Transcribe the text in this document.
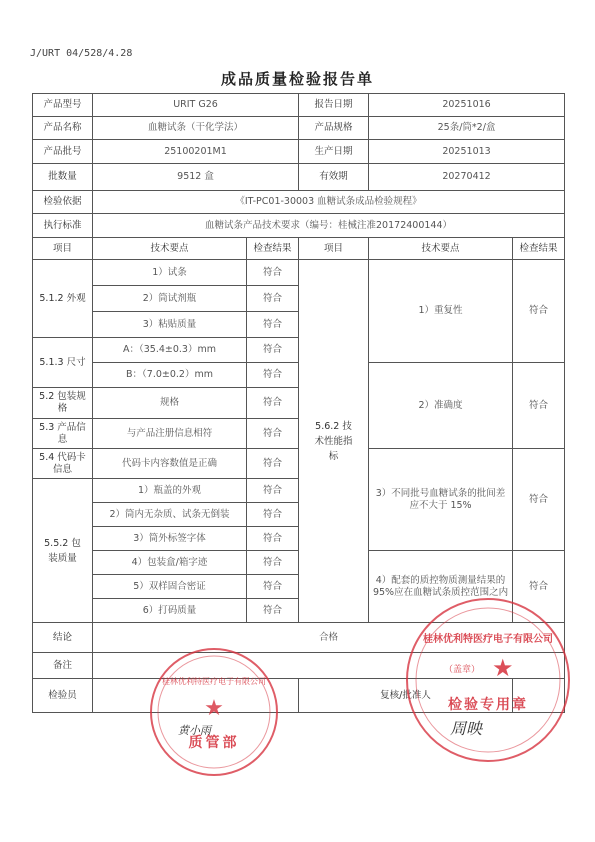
J/URT 04/528/4.28
成品质量检验报告单
产品型号	URIT G26		报告日期	20251016	
产品名称	血糖试条（干化学法）		产品规格	25条/筒*2/盒	
产品批号	25100201M1		生产日期	20251013	
批数量	9512 盒		有效期	20270412	
检验依据	《IT-PC01-30003 血糖试条成品检验规程》				
执行标准	血糖试条产品技术要求（编号：桂械注准20172400144）				
项目	技术要点	检查结果	项目	技术要点	检查结果
5.1.2 外观	1）试条	符合	5.6.2 技术性能指标	1）重复性	符合
	2）筒试剂瓶	符合			
	3）粘贴质量	符合			
5.1.3 尺寸	A：（35.4±0.3）mm	符合			
	B：（7.0±0.2）mm	符合		2）准确度	符合
5.2 包装规格	规格	符合			
5.3 产品信息	与产品注册信息相符	符合			
5.4 代码卡信息	代码卡内容数值是正确	符合		3）不同批号血糖试条的批间差应不大于 15%	符合
5.5.2 包装质量	1）瓶盖的外观	符合			
	2）筒内无杂质、试条无倒装	符合			
	3）筒外标签字体	符合			
	4）包装盒/箱字迹	符合		4）配套的质控物质测量结果的 95%应在血糖试条质控范围之内	符合
	5）双样固合密证	符合			
	6）打码质量	符合			
结论	合格				
备注					
检验员			复核/批准人		
黄小雨	周映
桂林优利特医疗电子有限公司
★
质管部
桂林优利特医疗电子有限公司
（盖章） ★
检验专用章
